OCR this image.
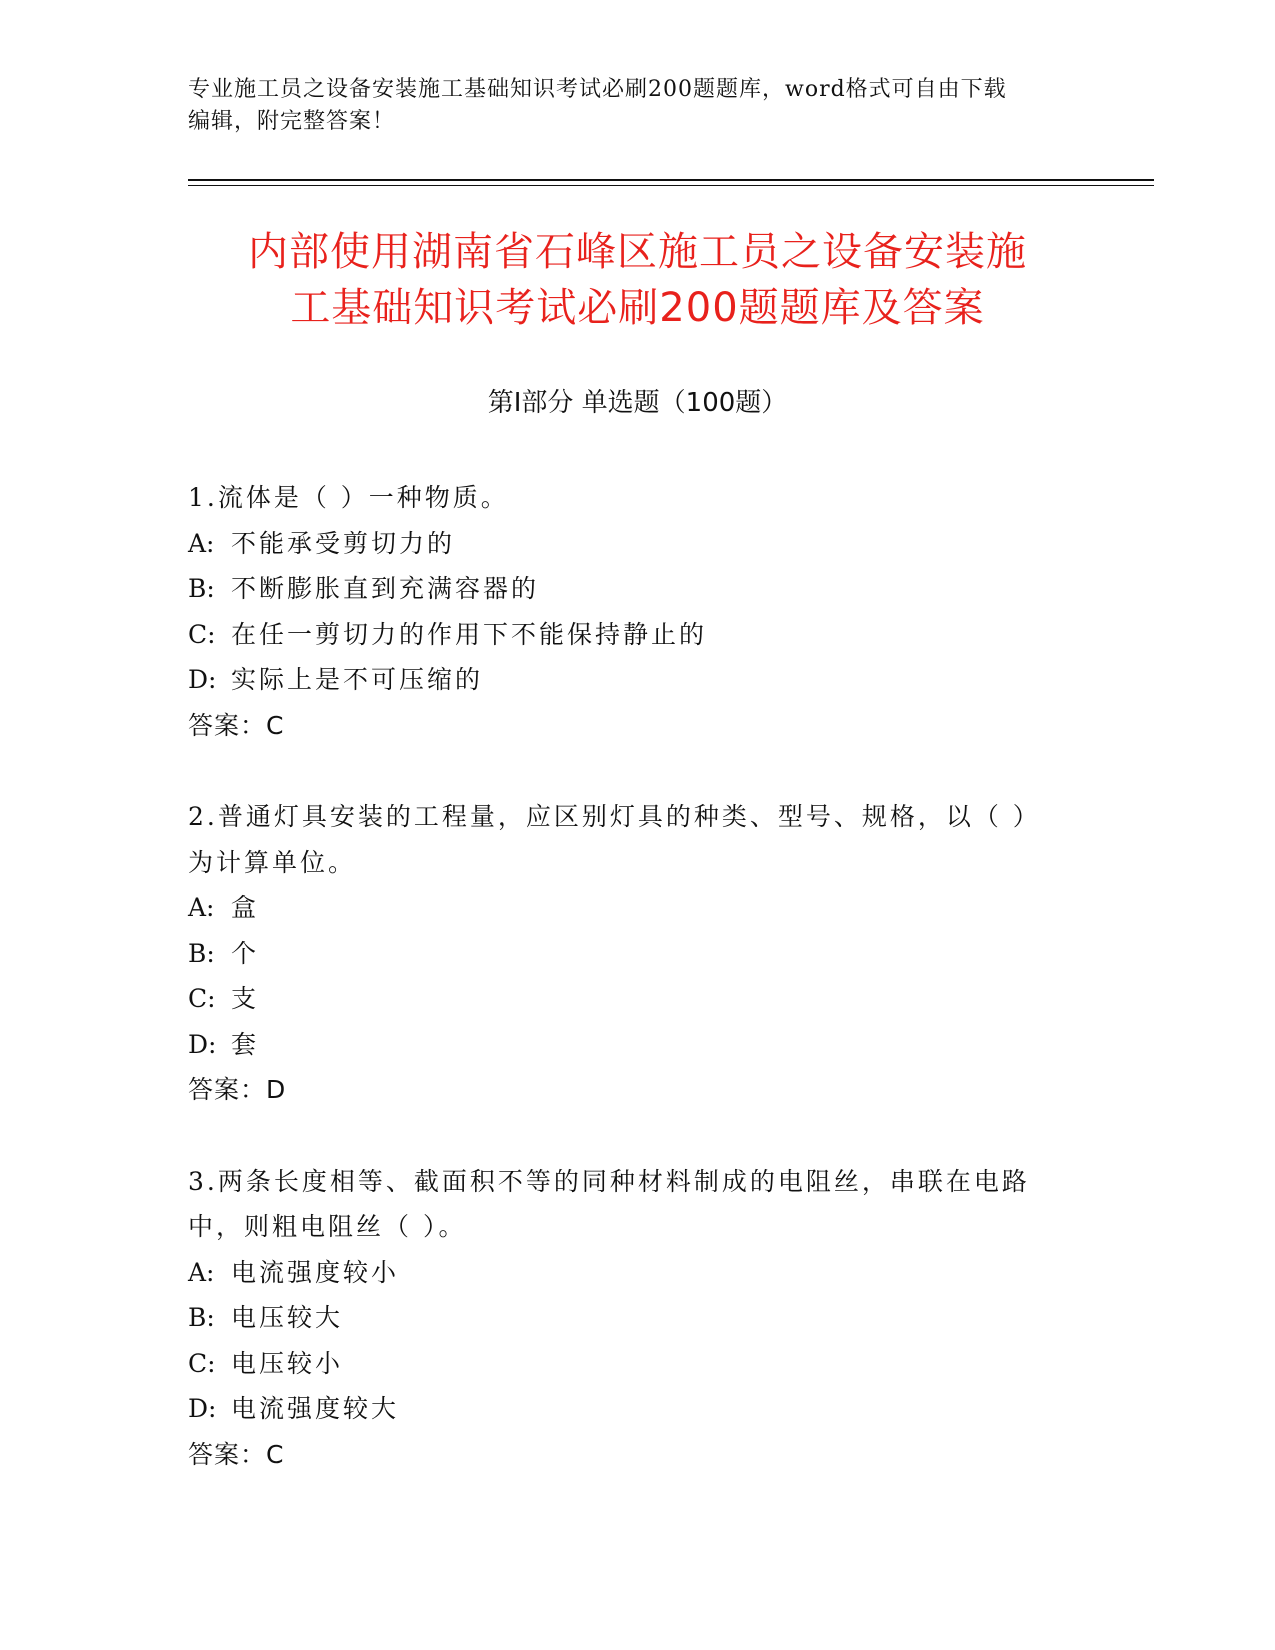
专业施工员之设备安装施工基础知识考试必刷200题题库，word格式可自由下载
编辑，附完整答案！
内部使用湖南省石峰区施工员之设备安装施
工基础知识考试必刷200题题库及答案
第Ⅰ部分 单选题（100题）
1.流体是（ ）一种物质。
A: 不能承受剪切力的
B: 不断膨胀直到充满容器的
C: 在任一剪切力的作用下不能保持静止的
D: 实际上是不可压缩的
答案：C
2.普通灯具安装的工程量，应区别灯具的种类、型号、规格，以（ ）
为计算单位。
A: 盒
B: 个
C: 支
D: 套
答案：D
3.两条长度相等、截面积不等的同种材料制成的电阻丝，串联在电路
中，则粗电阻丝（ ）。
A: 电流强度较小
B: 电压较大
C: 电压较小
D: 电流强度较大
答案：C
